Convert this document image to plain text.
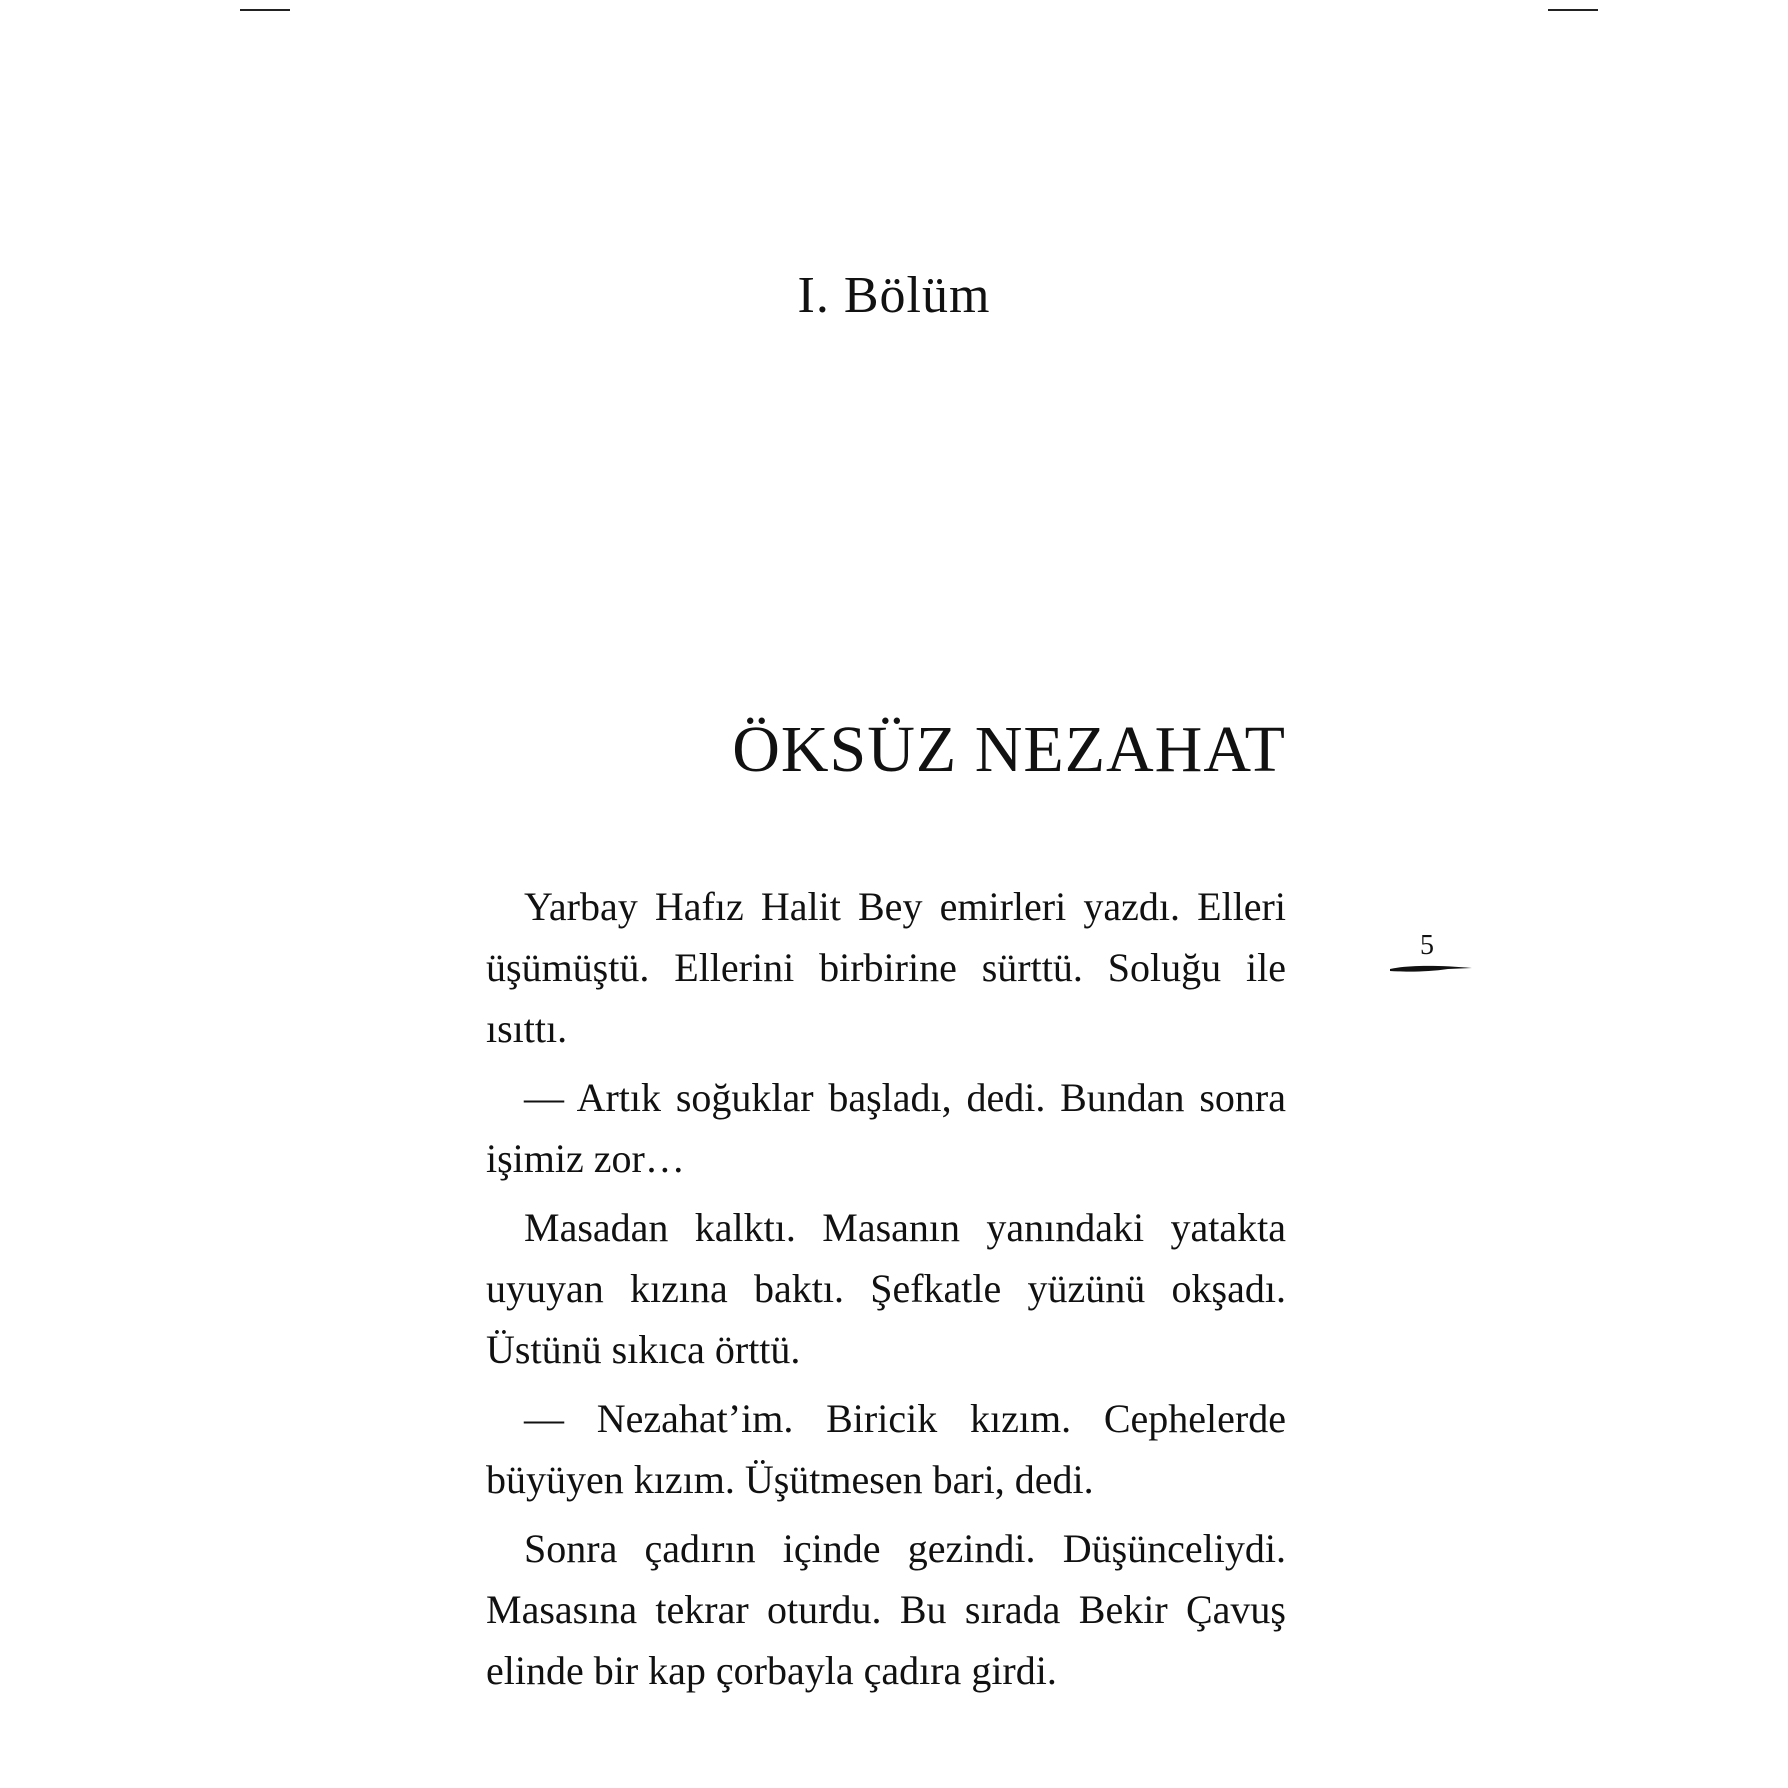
I. Bölüm
ÖKSÜZ NEZAHAT

Yarbay Hafız Halit Bey emirleri yazdı. Elleri üşümüştü. Ellerini birbirine sürttü. Soluğu ile ısıttı.

— Artık soğuklar başladı, dedi. Bundan sonra işimiz zor…

Masadan kalktı. Masanın yanındaki yatakta uyuyan kızına baktı. Şefkatle yüzünü okşadı. Üstünü sıkıca örttü.

— Nezahat’im. Biricik kızım. Cephelerde büyüyen kızım. Üşütmesen bari, dedi.

Sonra çadırın içinde gezindi. Düşünceliydi. Masasına tekrar oturdu. Bu sırada Bekir Çavuş elinde bir kap çorbayla çadıra girdi.

5
